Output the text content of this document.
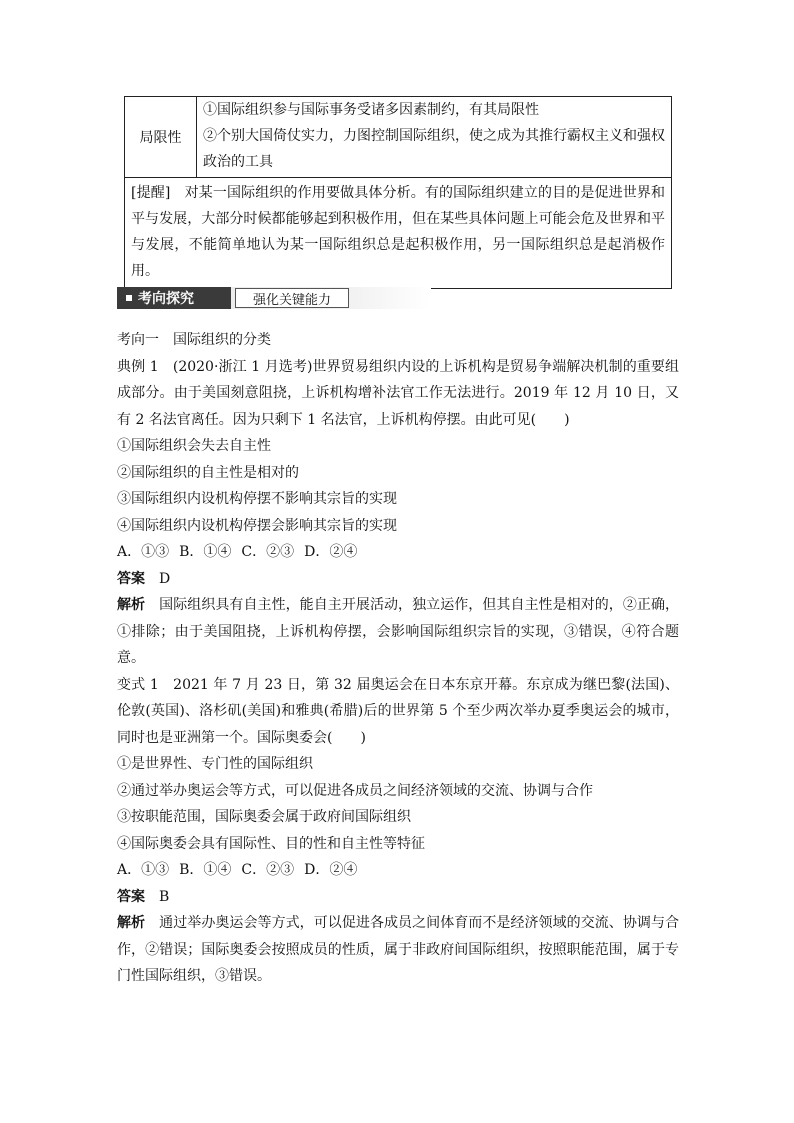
局限性
①国际组织参与国际事务受诸多因素制约，有其局限性
②个别大国倚仗实力，力图控制国际组织，使之成为其推行霸权主义和强权政治的工具
[提醒]　 对某一国际组织的作用要做具体分析。有的国际组织建立的目的是促进世界和平与发展，大部分时候都能够起到积极作用，但在某些具体问题上可能会危及世界和平与发展，不能简单地认为某一国际组织总是起积极作用，另一国际组织总是起消极作用。
考向探究	强化关键能力

考向一　国际组织的分类

典例 1　 (2020·浙江 1 月选考)世界贸易组织内设的上诉机构是贸易争端解决机制的重要组成部分。由于美国刻意阻挠，上诉机构增补法官工作无法进行。2019 年 12 月 10 日，又有 2 名法官离任。因为只剩下 1 名法官，上诉机构停摆。由此可见(　　)

①国际组织会失去自主性

②国际组织的自主性是相对的

③国际组织内设机构停摆不影响其宗旨的实现

④国际组织内设机构停摆会影响其宗旨的实现

A．①③ B．①④ C．②③ D．②④

答案　 D

解析　 国际组织具有自主性，能自主开展活动，独立运作，但其自主性是相对的，②正确，①排除；由于美国阻挠，上诉机构停摆，会影响国际组织宗旨的实现，③错误，④符合题意。

变式 1　 2021 年 7 月 23 日，第 32 届奥运会在日本东京开幕。东京成为继巴黎(法国)、伦敦(英国)、洛杉矶(美国)和雅典(希腊)后的世界第 5 个至少两次举办夏季奥运会的城市，同时也是亚洲第一个。国际奥委会(　　)

①是世界性、专门性的国际组织

②通过举办奥运会等方式，可以促进各成员之间经济领域的交流、协调与合作

③按职能范围，国际奥委会属于政府间国际组织

④国际奥委会具有国际性、目的性和自主性等特征

A．①③ B．①④ C．②③ D．②④

答案　 B

解析　 通过举办奥运会等方式，可以促进各成员之间体育而不是经济领域的交流、协调与合作，②错误；国际奥委会按照成员的性质，属于非政府间国际组织，按照职能范围，属于专门性国际组织，③错误。
